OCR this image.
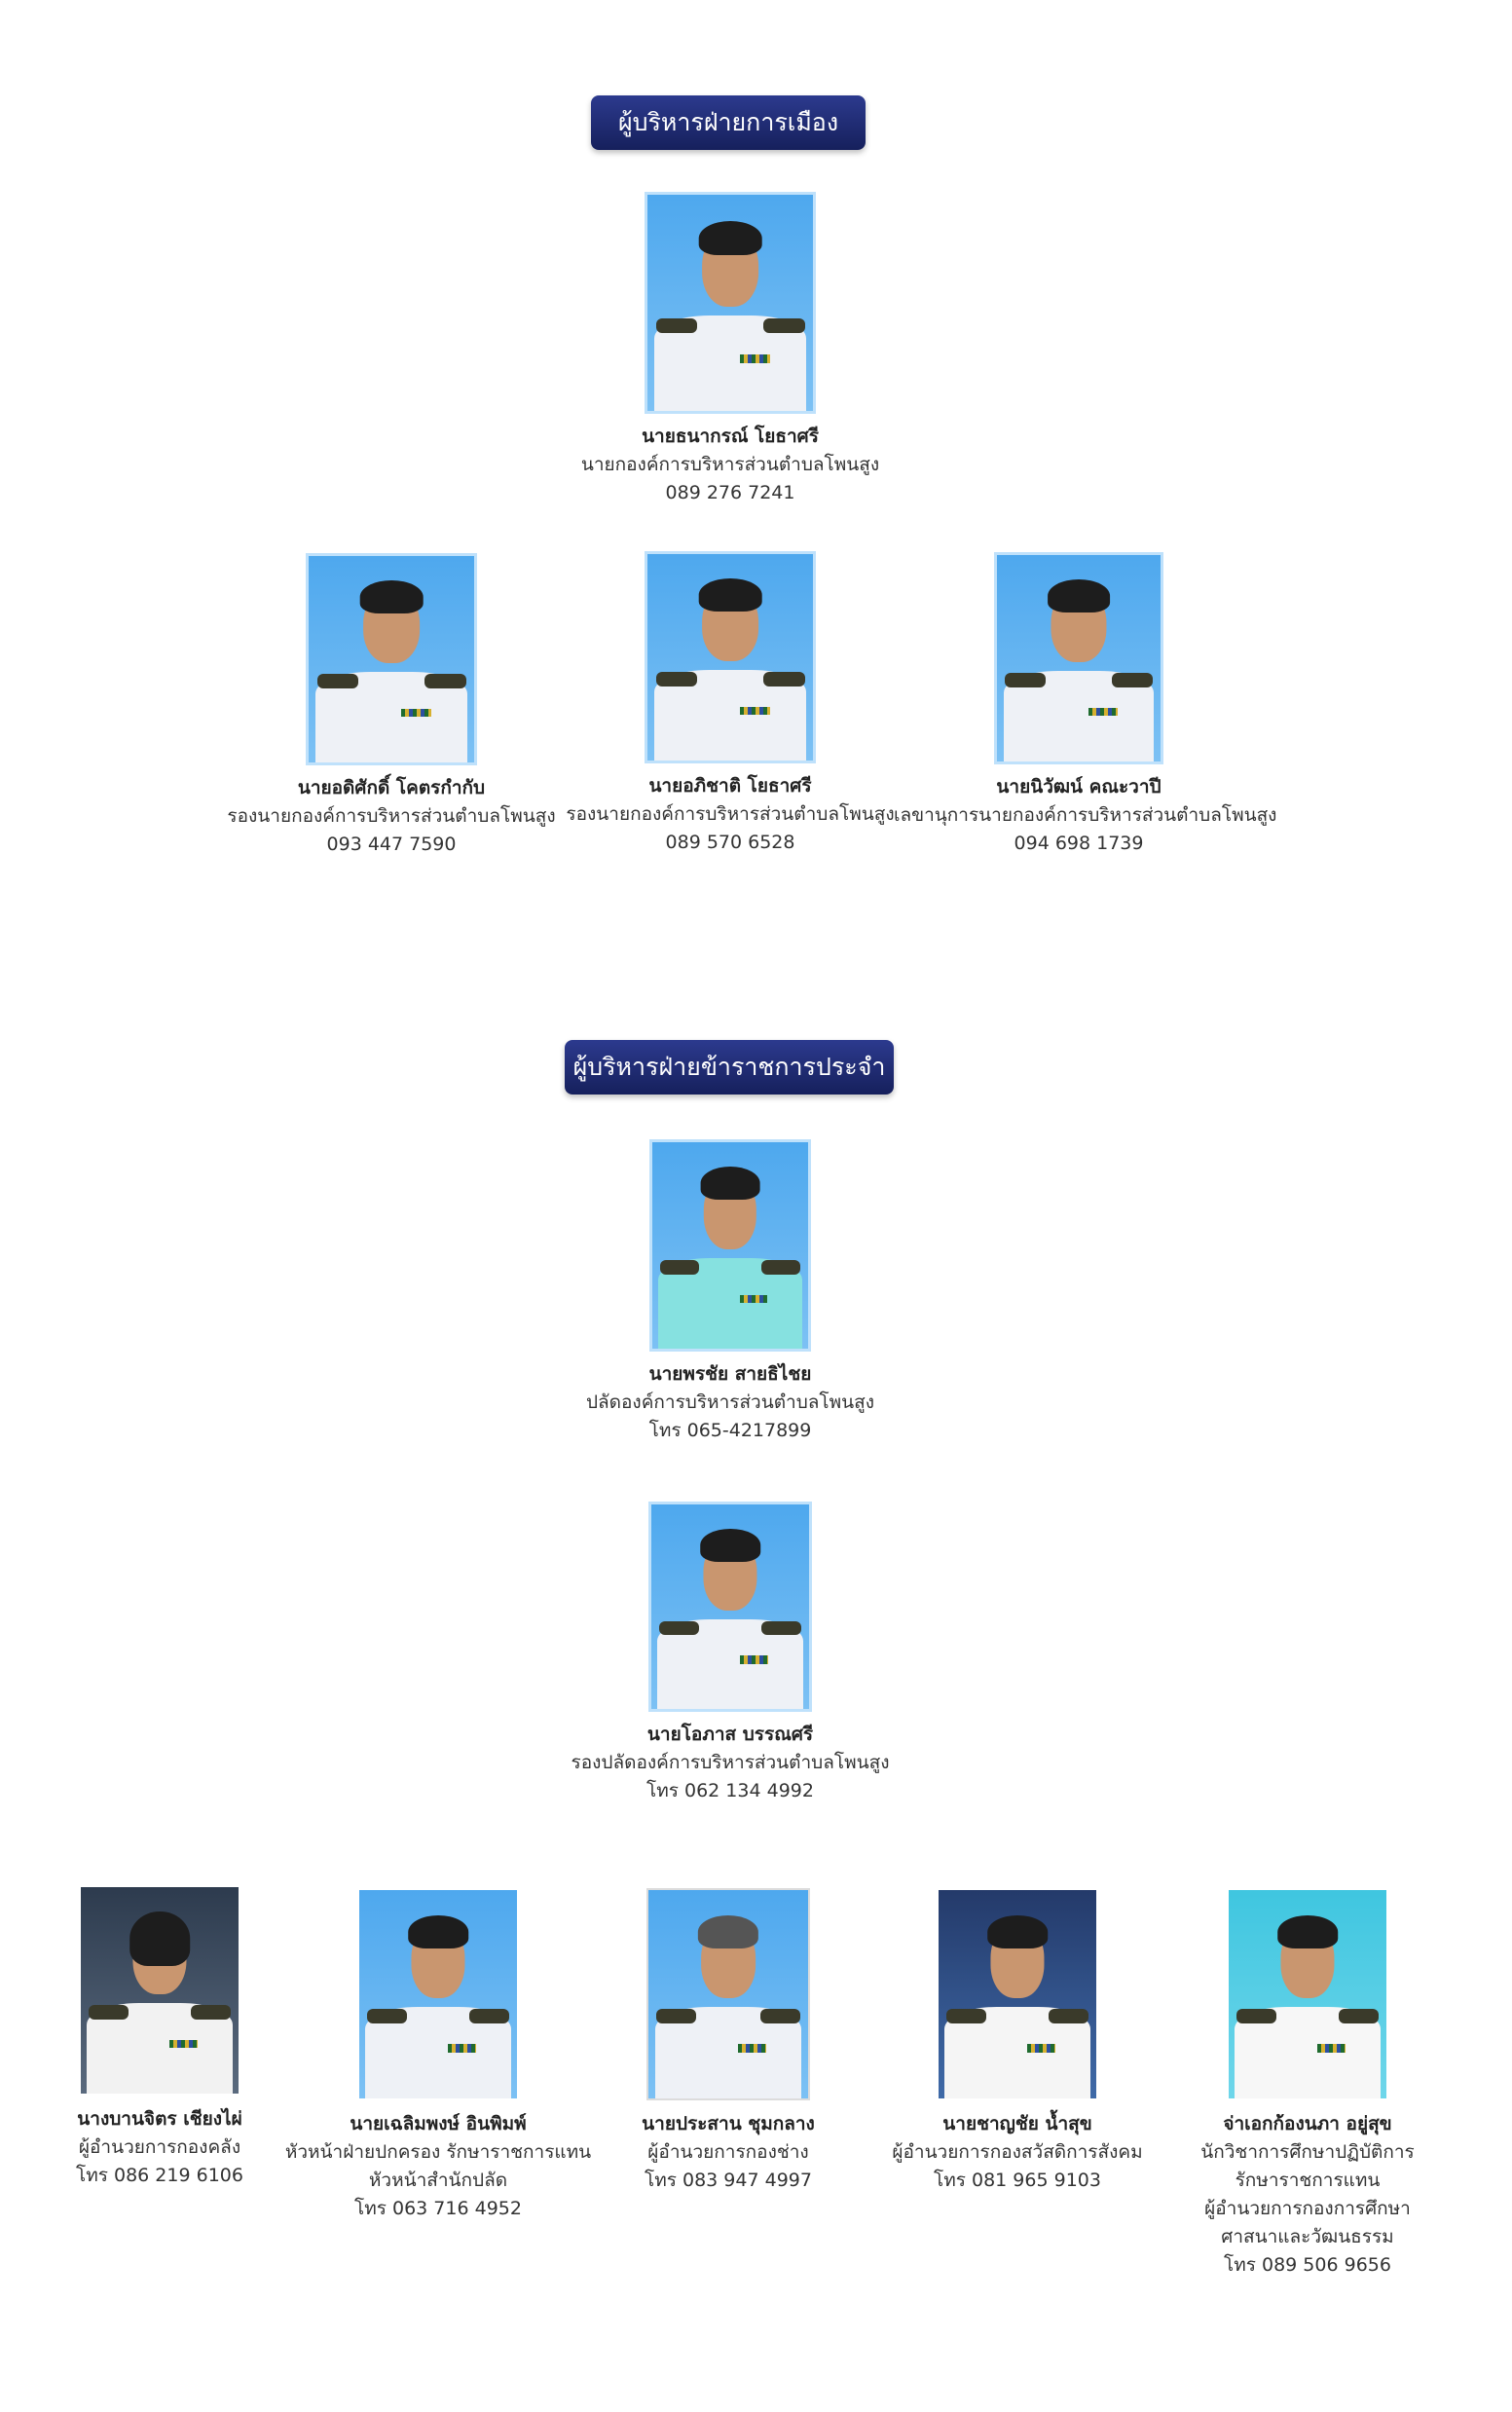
ผู้บริหารฝ่ายการเมือง
นายธนากรณ์ โยธาศรี
นายกองค์การบริหารส่วนตำบลโพนสูง
089 276 7241
นายอดิศักดิ์ โคตรกำกับ
รองนายกองค์การบริหารส่วนตำบลโพนสูง
093 447 7590
นายอภิชาติ โยธาศรี
รองนายกองค์การบริหารส่วนตำบลโพนสูง
089 570 6528
นายนิวัฒน์ คณะวาปี
เลขานุการนายกองค์การบริหารส่วนตำบลโพนสูง
094 698 1739
ผู้บริหารฝ่ายข้าราชการประจำ
นายพรชัย สายธิไชย
ปลัดองค์การบริหารส่วนตำบลโพนสูง
โทร 065-4217899
นายโอภาส บรรณศรี
รองปลัดองค์การบริหารส่วนตำบลโพนสูง
โทร 062 134 4992
นางบานจิตร เชียงไผ่
ผู้อำนวยการกองคลัง
โทร 086 219 6106
นายเฉลิมพงษ์ อินพิมพ์
หัวหน้าฝ่ายปกครอง รักษาราชการแทน
หัวหน้าสำนักปลัด
โทร 063 716 4952
นายประสาน ชุมกลาง
ผู้อำนวยการกองช่าง
โทร 083 947 4997
นายชาญชัย น้ำสุข
ผู้อำนวยการกองสวัสดิการสังคม
โทร 081 965 9103
จ่าเอกก้องนภา อยู่สุข
นักวิชาการศึกษาปฏิบัติการ
รักษาราชการแทน
ผู้อำนวยการกองการศึกษา
ศาสนาและวัฒนธรรม
โทร 089 506 9656
